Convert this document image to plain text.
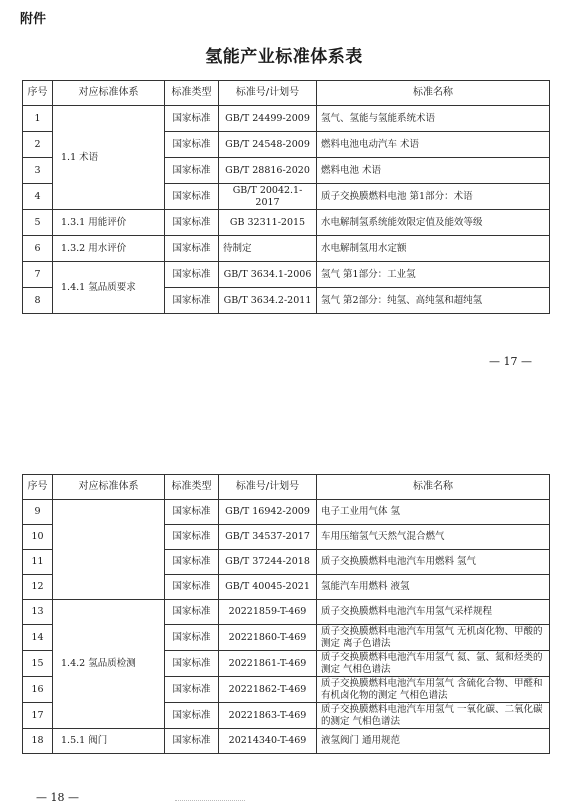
附件
氢能产业标准体系表
序号	对应标准体系	标准类型	标准号/计划号	标准名称
1	1.1 术语	国家标准	GB/T 24499-2009	氢气、氢能与氢能系统术语
2		国家标准	GB/T 24548-2009	燃料电池电动汽车 术语
3		国家标准	GB/T 28816-2020	燃料电池 术语
4		国家标准	GB/T 20042.1-2017	质子交换膜燃料电池 第1部分：术语
5	1.3.1 用能评价	国家标准	GB 32311-2015	水电解制氢系统能效限定值及能效等级
6	1.3.2 用水评价	国家标准	待制定	水电解制氢用水定额
7	1.4.1 氢品质要求	国家标准	GB/T 3634.1-2006	氢气 第1部分：工业氢
8		国家标准	GB/T 3634.2-2011	氢气 第2部分：纯氢、高纯氢和超纯氢
— 17 —
序号	对应标准体系	标准类型	标准号/计划号	标准名称
9		国家标准	GB/T 16942-2009	电子工业用气体 氢
10		国家标准	GB/T 34537-2017	车用压缩氢气天然气混合燃气
11		国家标准	GB/T 37244-2018	质子交换膜燃料电池汽车用燃料 氢气
12		国家标准	GB/T 40045-2021	氢能汽车用燃料 液氢
13	1.4.2 氢品质检测	国家标准	20221859-T-469	质子交换膜燃料电池汽车用氢气采样规程
14		国家标准	20221860-T-469	质子交换膜燃料电池汽车用氢气 无机卤化物、甲酸的测定 离子色谱法
15		国家标准	20221861-T-469	质子交换膜燃料电池汽车用氢气 氦、氩、氮和烃类的测定 气相色谱法
16		国家标准	20221862-T-469	质子交换膜燃料电池汽车用氢气 含硫化合物、甲醛和有机卤化物的测定 气相色谱法
17		国家标准	20221863-T-469	质子交换膜燃料电池汽车用氢气 一氧化碳、二氧化碳的测定 气相色谱法
18	1.5.1 阀门	国家标准	20214340-T-469	液氢阀门 通用规范
— 18 —
